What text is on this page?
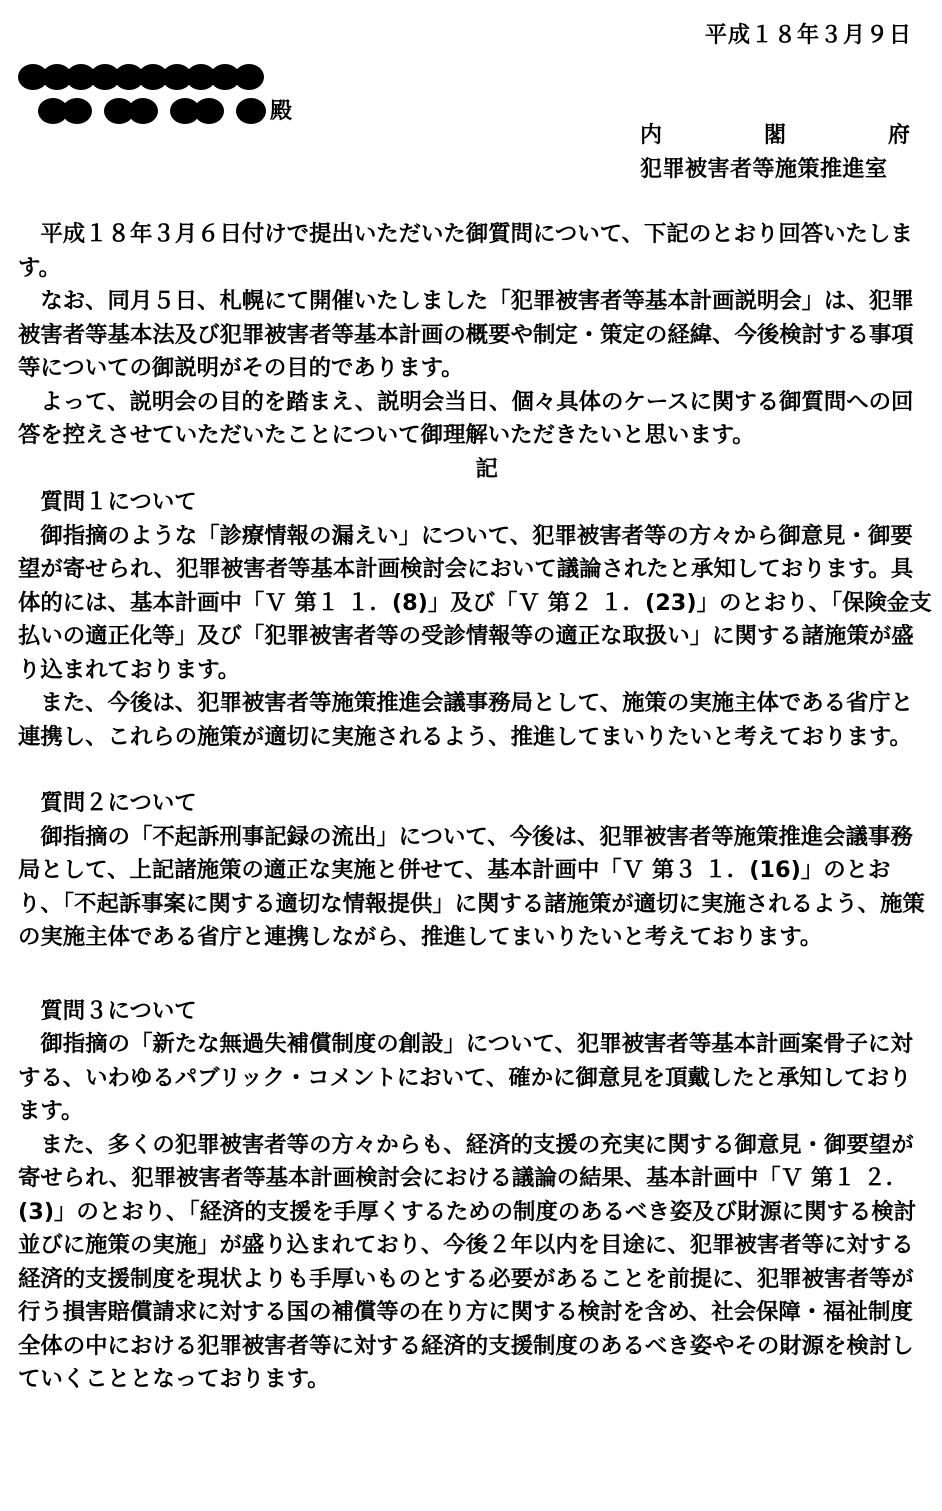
平成１８年３月９日
殿
内	閣	府
犯罪被害者等施策推進室

平成１８年３月６日付けで提出いただいた御質問について、下記のとおり回答いたします。

なお、同月５日、札幌にて開催いたしました「犯罪被害者等基本計画説明会」は、犯罪被害者等基本法及び犯罪被害者等基本計画の概要や制定・策定の経緯、今後検討する事項等についての御説明がその目的であります。

よって、説明会の目的を踏まえ、説明会当日、個々具体のケースに関する御質問への回答を控えさせていただいたことについて御理解いただきたいと思います。

記

質問１について

御指摘のような「診療情報の漏えい」について、犯罪被害者等の方々から御意見・御要望が寄せられ、犯罪被害者等基本計画検討会において議論されたと承知しております。具体的には、基本計画中「Ｖ 第１ １．(8)」及び「Ｖ 第２ １．(23)」のとおり、「保険金支払いの適正化等」及び「犯罪被害者等の受診情報等の適正な取扱い」に関する諸施策が盛り込まれております。

また、今後は、犯罪被害者等施策推進会議事務局として、施策の実施主体である省庁と連携し、これらの施策が適切に実施されるよう、推進してまいりたいと考えております。

質問２について

御指摘の「不起訴刑事記録の流出」について、今後は、犯罪被害者等施策推進会議事務局として、上記諸施策の適正な実施と併せて、基本計画中「Ｖ 第３ １．(16)」のとおり、「不起訴事案に関する適切な情報提供」に関する諸施策が適切に実施されるよう、施策の実施主体である省庁と連携しながら、推進してまいりたいと考えております。

質問３について

御指摘の「新たな無過失補償制度の創設」について、犯罪被害者等基本計画案骨子に対する、いわゆるパブリック・コメントにおいて、確かに御意見を頂戴したと承知しております。

また、多くの犯罪被害者等の方々からも、経済的支援の充実に関する御意見・御要望が寄せられ、犯罪被害者等基本計画検討会における議論の結果、基本計画中「Ｖ 第１ ２．(3)」のとおり、「経済的支援を手厚くするための制度のあるべき姿及び財源に関する検討並びに施策の実施」が盛り込まれており、今後２年以内を目途に、犯罪被害者等に対する経済的支援制度を現状よりも手厚いものとする必要があることを前提に、犯罪被害者等が行う損害賠償請求に対する国の補償等の在り方に関する検討を含め、社会保障・福祉制度全体の中における犯罪被害者等に対する経済的支援制度のあるべき姿やその財源を検討していくこととなっております。
